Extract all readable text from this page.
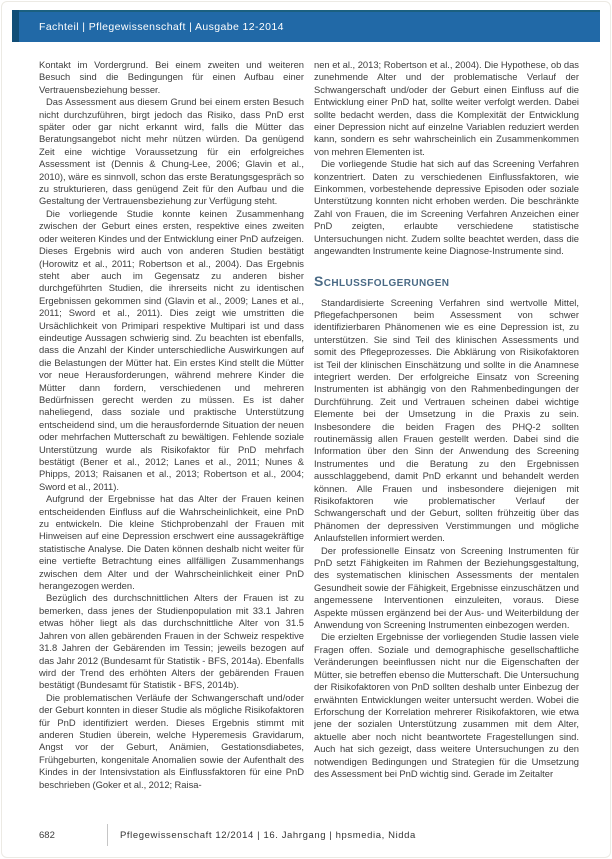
Fachteil | Pflegewissenschaft | Ausgabe 12-2014

Kontakt im Vordergrund. Bei einem zweiten und weiteren Besuch sind die Bedingungen für einen Aufbau einer Vertrauensbeziehung besser.

Das Assessment aus diesem Grund bei einem ersten Besuch nicht durchzuführen, birgt jedoch das Risiko, dass PnD erst später oder gar nicht erkannt wird, falls die Mütter das Beratungsangebot nicht mehr nützen würden. Da genügend Zeit eine wichtige Voraussetzung für ein erfolgreiches Assessment ist (Dennis & Chung-Lee, 2006; Glavin et al., 2010), wäre es sinnvoll, schon das erste Beratungsgespräch so zu strukturieren, dass genügend Zeit für den Aufbau und die Gestaltung der Vertrauensbeziehung zur Verfügung steht.

Die vorliegende Studie konnte keinen Zusammenhang zwischen der Geburt eines ersten, respektive eines zweiten oder weiteren Kindes und der Entwicklung einer PnD aufzeigen. Dieses Ergebnis wird auch von anderen Studien bestätigt (Horowitz et al., 2011; Robertson et al., 2004). Das Ergebnis steht aber auch im Gegensatz zu anderen bisher durchgeführten Studien, die ihrerseits nicht zu identischen Ergebnissen gekommen sind (Glavin et al., 2009; Lanes et al., 2011; Sword et al., 2011). Dies zeigt wie umstritten die Ursächlichkeit von Primipari respektive Multipari ist und dass eindeutige Aussagen schwierig sind. Zu beachten ist ebenfalls, dass die Anzahl der Kinder unterschiedliche Auswirkungen auf die Belastungen der Mütter hat. Ein erstes Kind stellt die Mütter vor neue Herausforderungen, während mehrere Kinder die Mütter dann fordern, verschiedenen und mehreren Bedürfnissen gerecht werden zu müssen. Es ist daher naheliegend, dass soziale und praktische Unterstützung entscheidend sind, um die herausfordernde Situation der neuen oder mehrfachen Mutterschaft zu bewältigen. Fehlende soziale Unterstützung wurde als Risikofaktor für PnD mehrfach bestätigt (Bener et al., 2012; Lanes et al., 2011; Nunes & Phipps, 2013; Raisanen et al., 2013; Robertson et al., 2004; Sword et al., 2011).

Aufgrund der Ergebnisse hat das Alter der Frauen keinen entscheidenden Einfluss auf die Wahrscheinlichkeit, eine PnD zu entwickeln. Die kleine Stichprobenzahl der Frauen mit Hinweisen auf eine Depression erschwert eine aussagekräftige statistische Analyse. Die Daten können deshalb nicht weiter für eine vertiefte Betrachtung eines allfälligen Zusammenhangs zwischen dem Alter und der Wahrscheinlichkeit einer PnD herangezogen werden.

Bezüglich des durchschnittlichen Alters der Frauen ist zu bemerken, dass jenes der Studienpopulation mit 33.1 Jahren etwas höher liegt als das durchschnittliche Alter von 31.5 Jahren von allen gebärenden Frauen in der Schweiz respektive 31.8 Jahren der Gebärenden im Tessin; jeweils bezogen auf das Jahr 2012 (Bundesamt für Statistik - BFS, 2014a). Ebenfalls wird der Trend des erhöhten Alters der gebärenden Frauen bestätigt (Bundesamt für Statistik - BFS, 2014b).

Die problematischen Verläufe der Schwangerschaft und/oder der Geburt konnten in dieser Studie als mögliche Risikofaktoren für PnD identifiziert werden. Dieses Ergebnis stimmt mit anderen Studien überein, welche Hyperemesis Gravidarum, Angst vor der Geburt, Anämien, Gestationsdiabetes, Frühgeburten, kongenitale Anomalien sowie der Aufenthalt des Kindes in der Intensivstation als Einflussfaktoren für eine PnD beschrieben (Goker et al., 2012; Raisa-

nen et al., 2013; Robertson et al., 2004). Die Hypothese, ob das zunehmende Alter und der problematische Verlauf der Schwangerschaft und/oder der Geburt einen Einfluss auf die Entwicklung einer PnD hat, sollte weiter verfolgt werden. Dabei sollte bedacht werden, dass die Komplexität der Entwicklung einer Depression nicht auf einzelne Variablen reduziert werden kann, sondern es sehr wahrscheinlich ein Zusammenkommen von mehren Elementen ist.

Die vorliegende Studie hat sich auf das Screening Verfahren konzentriert. Daten zu verschiedenen Einflussfaktoren, wie Einkommen, vorbestehende depressive Episoden oder soziale Unterstützung konnten nicht erhoben werden. Die beschränkte Zahl von Frauen, die im Screening Verfahren Anzeichen einer PnD zeigten, erlaubte verschiedene statistische Untersuchungen nicht. Zudem sollte beachtet werden, dass die angewandten Instrumente keine Diagnose-Instrumente sind.

Schlussfolgerungen

Standardisierte Screening Verfahren sind wertvolle Mittel, Pflegefachpersonen beim Assessment von schwer identifizierbaren Phänomenen wie es eine Depression ist, zu unterstützen. Sie sind Teil des klinischen Assessments und somit des Pflegeprozesses. Die Abklärung von Risikofaktoren ist Teil der klinischen Einschätzung und sollte in die Anamnese integriert werden. Der erfolgreiche Einsatz von Screening Instrumenten ist abhängig von den Rahmenbedingungen der Durchführung. Zeit und Vertrauen scheinen dabei wichtige Elemente bei der Umsetzung in die Praxis zu sein. Insbesondere die beiden Fragen des PHQ-2 sollten routinemässig allen Frauen gestellt werden. Dabei sind die Information über den Sinn der Anwendung des Screening Instrumentes und die Beratung zu den Ergebnissen ausschlaggebend, damit PnD erkannt und behandelt werden können. Alle Frauen und insbesondere diejenigen mit Risikofaktoren wie problematischer Verlauf der Schwangerschaft und der Geburt, sollten frühzeitig über das Phänomen der depressiven Verstimmungen und mögliche Anlaufstellen informiert werden.

Der professionelle Einsatz von Screening Instrumenten für PnD setzt Fähigkeiten im Rahmen der Beziehungsgestaltung, des systematischen klinischen Assessments der mentalen Gesundheit sowie der Fähigkeit, Ergebnisse einzuschätzen und angemessene Interventionen einzuleiten, voraus. Diese Aspekte müssen ergänzend bei der Aus- und Weiterbildung der Anwendung von Screening Instrumenten einbezogen werden.

Die erzielten Ergebnisse der vorliegenden Studie lassen viele Fragen offen. Soziale und demographische gesellschaftliche Veränderungen beeinflussen nicht nur die Eigenschaften der Mütter, sie betreffen ebenso die Mutterschaft. Die Untersuchung der Risikofaktoren von PnD sollten deshalb unter Einbezug der erwähnten Entwicklungen weiter untersucht werden. Wobei die Erforschung der Korrelation mehrerer Risikofaktoren, wie etwa jene der sozialen Unterstützung zusammen mit dem Alter, aktuelle aber noch nicht beantwortete Fragestellungen sind. Auch hat sich gezeigt, dass weitere Untersuchungen zu den notwendigen Bedingungen und Strategien für die Umsetzung des Assessment bei PnD wichtig sind. Gerade im Zeitalter

682	Pflegewissenschaft 12/2014 | 16. Jahrgang | hpsmedia, Nidda
